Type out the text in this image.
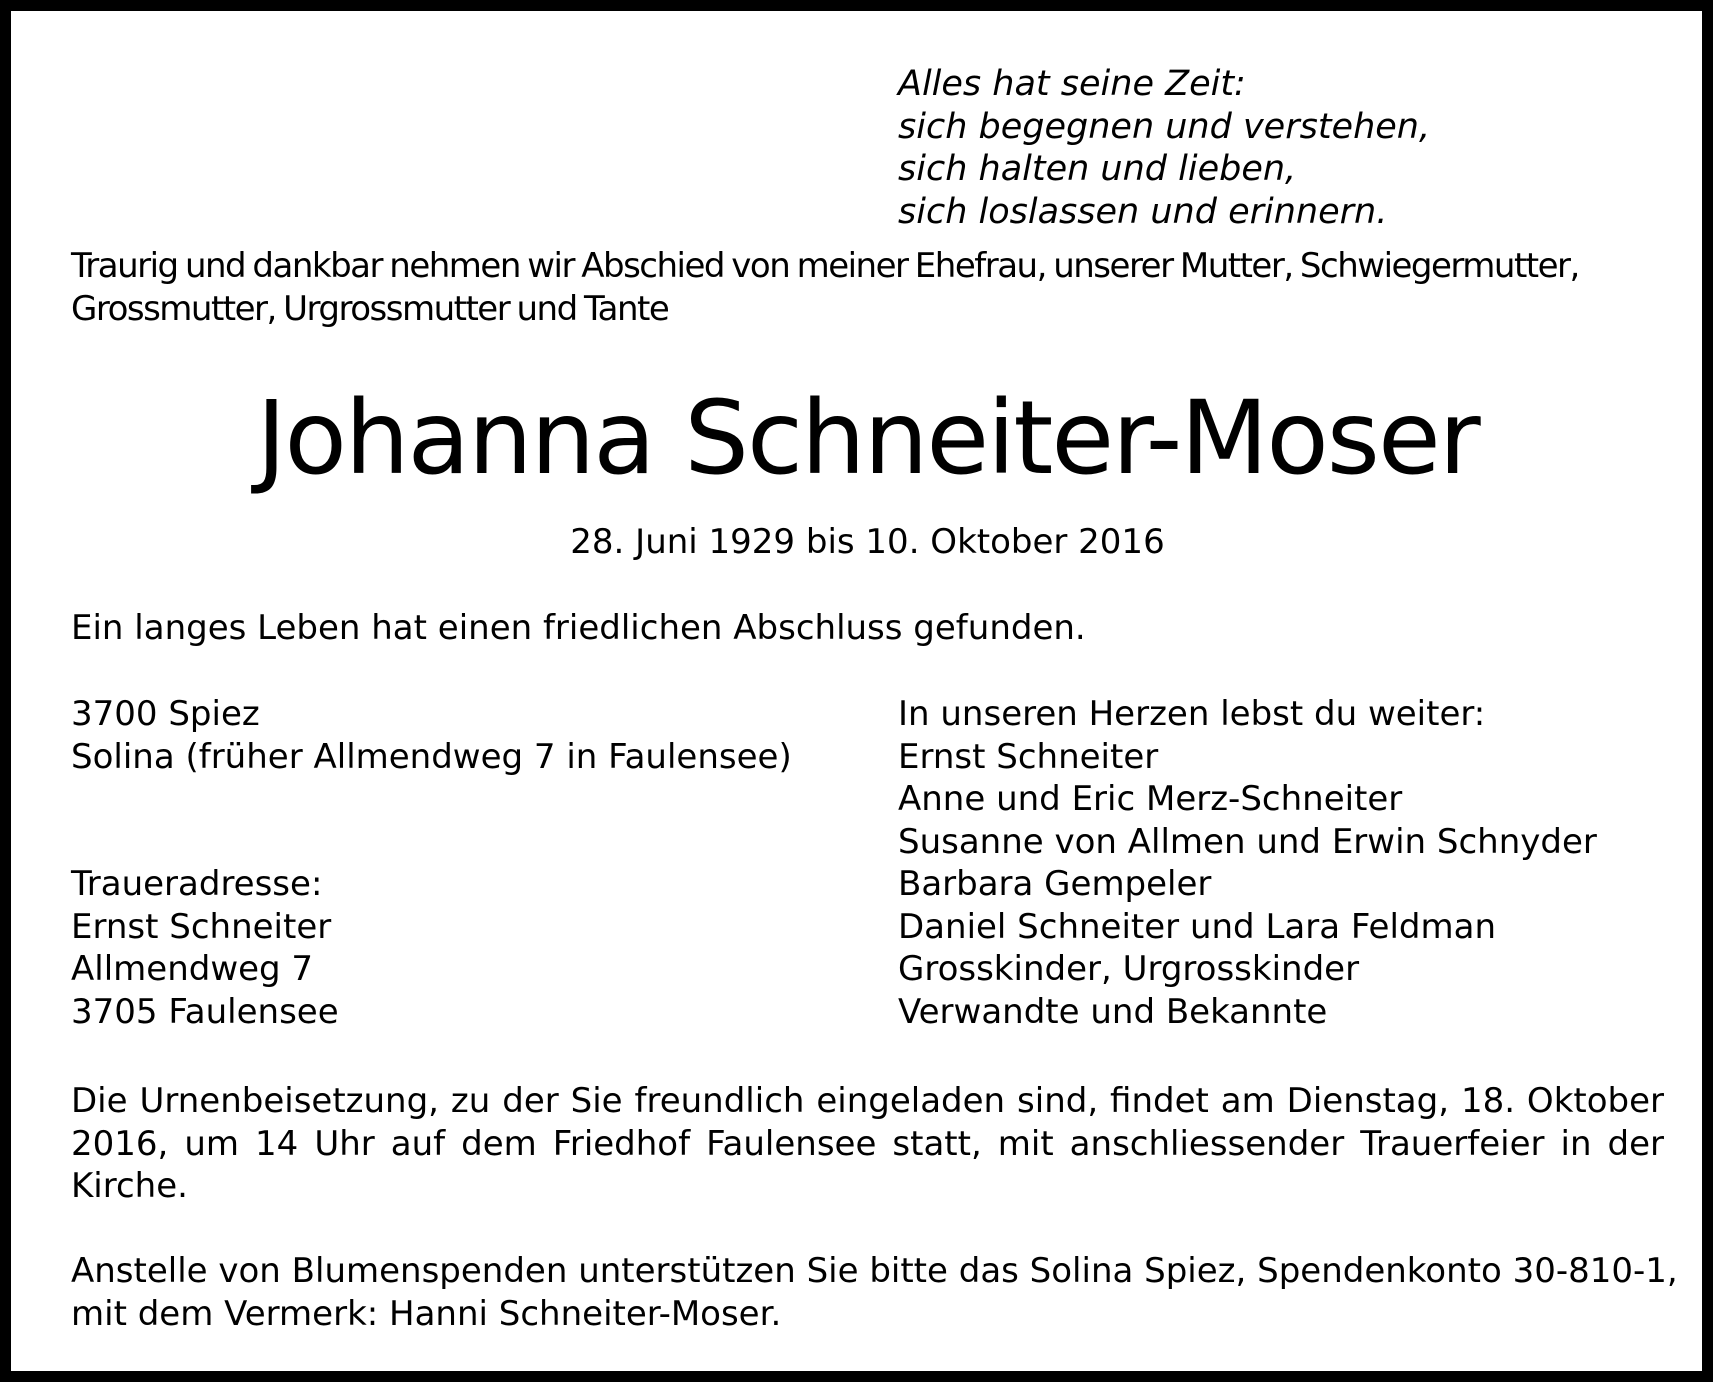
Alles hat seine Zeit:
sich begegnen und verstehen,
sich halten und lieben,
sich loslassen und erinnern.

Traurig und dankbar nehmen wir Abschied von meiner Ehefrau, unserer Mutter, Schwiegermutter,
Grossmutter, Urgrossmutter und Tante

Johanna Schneiter-Moser

28. Juni 1929 bis 10. Oktober 2016

Ein langes Leben hat einen friedlichen Abschluss gefunden.

3700 Spiez
Solina (früher Allmendweg 7 in Faulensee)
Traueradresse:
Ernst Schneiter
Allmendweg 7
3705 Faulensee
In unseren Herzen lebst du weiter:
Ernst Schneiter
Anne und Eric Merz-Schneiter
Susanne von Allmen und Erwin Schnyder
Barbara Gempeler
Daniel Schneiter und Lara Feldman
Grosskinder, Urgrosskinder
Verwandte und Bekannte

Die Urnenbeisetzung, zu der Sie freundlich eingeladen sind, findet am Dienstag, 18. Oktober 2016, um 14 Uhr auf dem Friedhof Faulensee statt, mit anschliessender Trauerfeier in der Kirche.

Anstelle von Blumenspenden unterstützen Sie bitte das Solina Spiez, Spendenkonto 30-810-1,
mit dem Vermerk: Hanni Schneiter-Moser.
